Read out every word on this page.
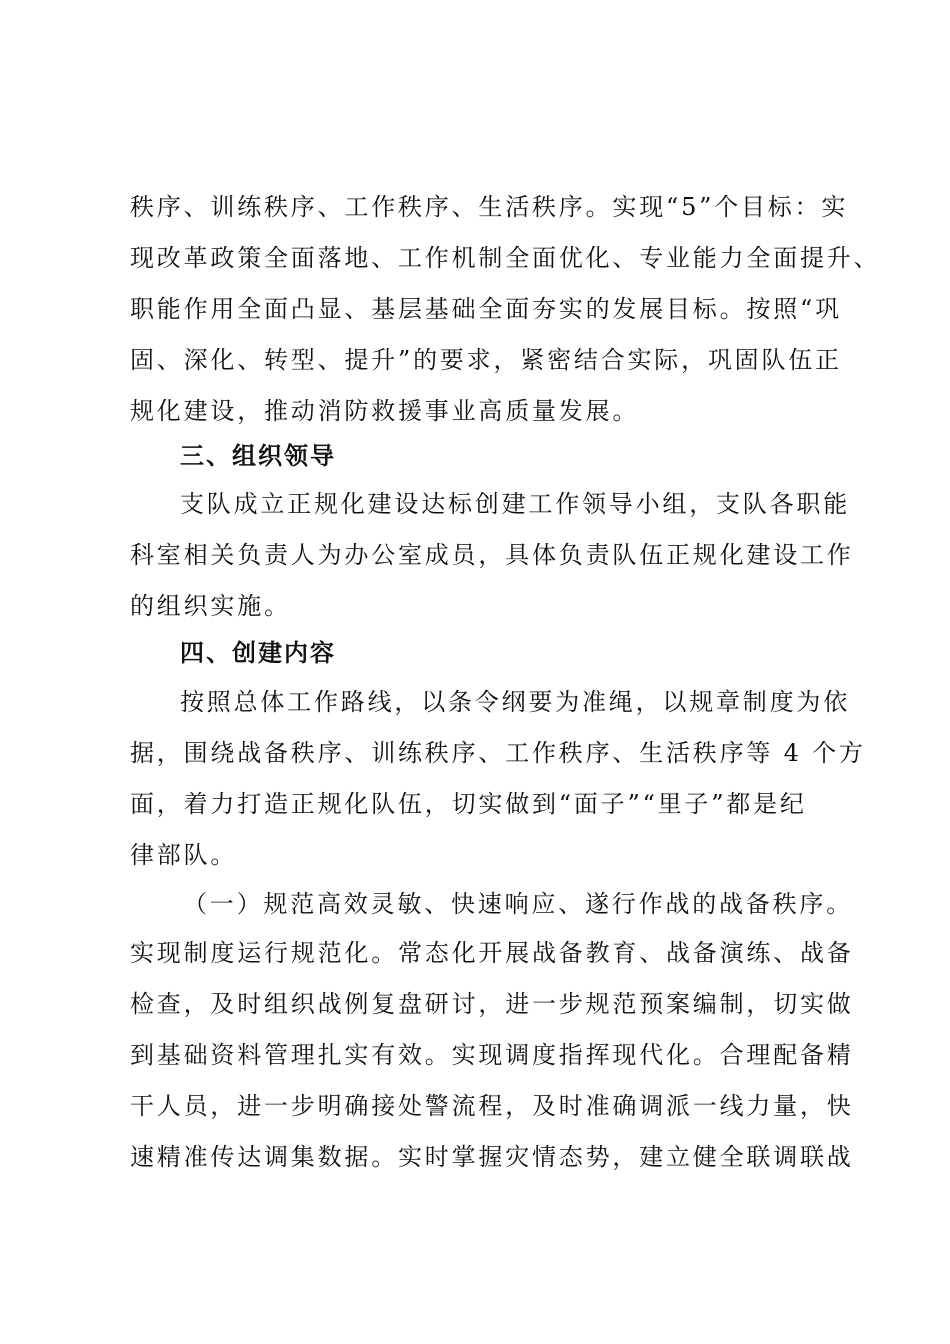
秩序、训练秩序、工作秩序、生活秩序。实现“5”个目标：实
现改革政策全面落地、工作机制全面优化、专业能力全面提升、
职能作用全面凸显、基层基础全面夯实的发展目标。按照“巩
固、深化、转型、提升”的要求，紧密结合实际，巩固队伍正
规化建设，推动消防救援事业高质量发展。
三、组织领导
支队成立正规化建设达标创建工作领导小组，支队各职能
科室相关负责人为办公室成员，具体负责队伍正规化建设工作
的组织实施。
四、创建内容
按照总体工作路线，以条令纲要为准绳，以规章制度为依
据，围绕战备秩序、训练秩序、工作秩序、生活秩序等 4 个方
面，着力打造正规化队伍，切实做到“面子”“里子”都是纪
律部队。
（一）规范高效灵敏、快速响应、遂行作战的战备秩序。
实现制度运行规范化。常态化开展战备教育、战备演练、战备
检查，及时组织战例复盘研讨，进一步规范预案编制，切实做
到基础资料管理扎实有效。实现调度指挥现代化。合理配备精
干人员，进一步明确接处警流程，及时准确调派一线力量，快
速精准传达调集数据。实时掌握灾情态势，建立健全联调联战
